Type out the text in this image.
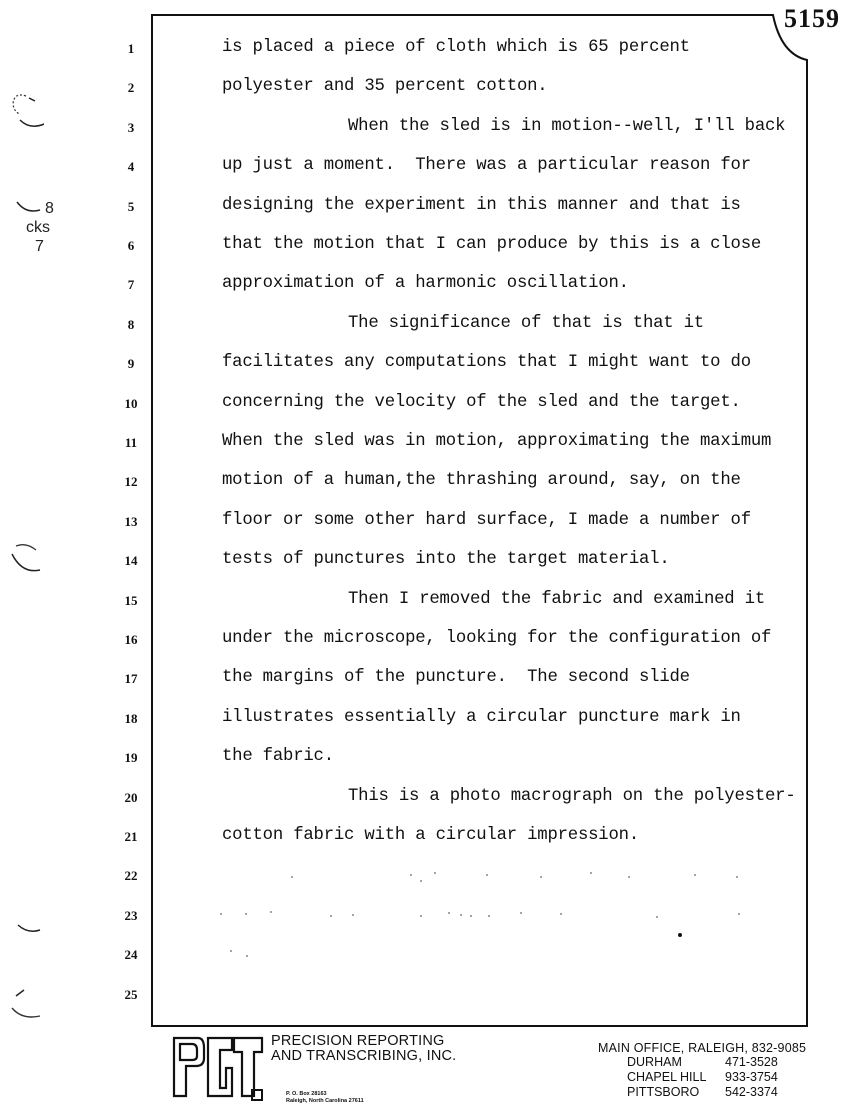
5159
8
cks
7
1	is placed a piece of cloth which is 65 percent
2	polyester and 35 percent cotton.
3	When the sled is in motion--well, I'll back
4	up just a moment.  There was a particular reason for
5	designing the experiment in this manner and that is
6	that the motion that I can produce by this is a close
7	approximation of a harmonic oscillation.
8	The significance of that is that it
9	facilitates any computations that I might want to do
10	concerning the velocity of the sled and the target.
11	When the sled was in motion, approximating the maximum
12	motion of a human,the thrashing around, say, on the
13	floor or some other hard surface, I made a number of
14	tests of punctures into the target material.
15	Then I removed the fabric and examined it
16	under the microscope, looking for the configuration of
17	the margins of the puncture.  The second slide
18	illustrates essentially a circular puncture mark in
19	the fabric.
20	This is a photo macrograph on the polyester-
21	cotton fabric with a circular impression.
22
23
24
25
PRECISION REPORTING
AND TRANSCRIBING, INC.
P. O. Box 28163
Raleigh, North Carolina 27611
MAIN OFFICE, RALEIGH, 832-9085
DURHAM	471-3528
CHAPEL HILL	933-3754
PITTSBORO	542-3374
